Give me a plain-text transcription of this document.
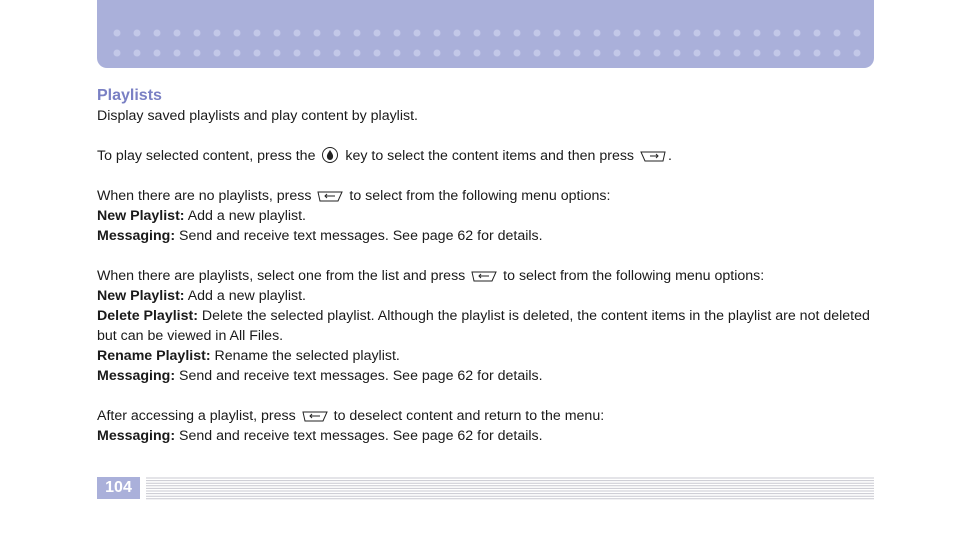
Playlists

Display saved playlists and play content by playlist.

To play selected content, press the key to select the content items and then press .

When there are no playlists, press	to select from the following menu options:

New Playlist: Add a new playlist.

Messaging: Send and receive text messages. See page 62 for details.

When there are playlists, select one from the list and press	to select from the following menu options:

New Playlist: Add a new playlist.

Delete Playlist: Delete the selected playlist. Although the playlist is deleted, the content items in the playlist are not deleted but can be viewed in All Files.

Rename Playlist: Rename the selected playlist.

Messaging: Send and receive text messages. See page 62 for details.

After accessing a playlist, press	to deselect content and return to the menu:

Messaging: Send and receive text messages. See page 62 for details.

104
